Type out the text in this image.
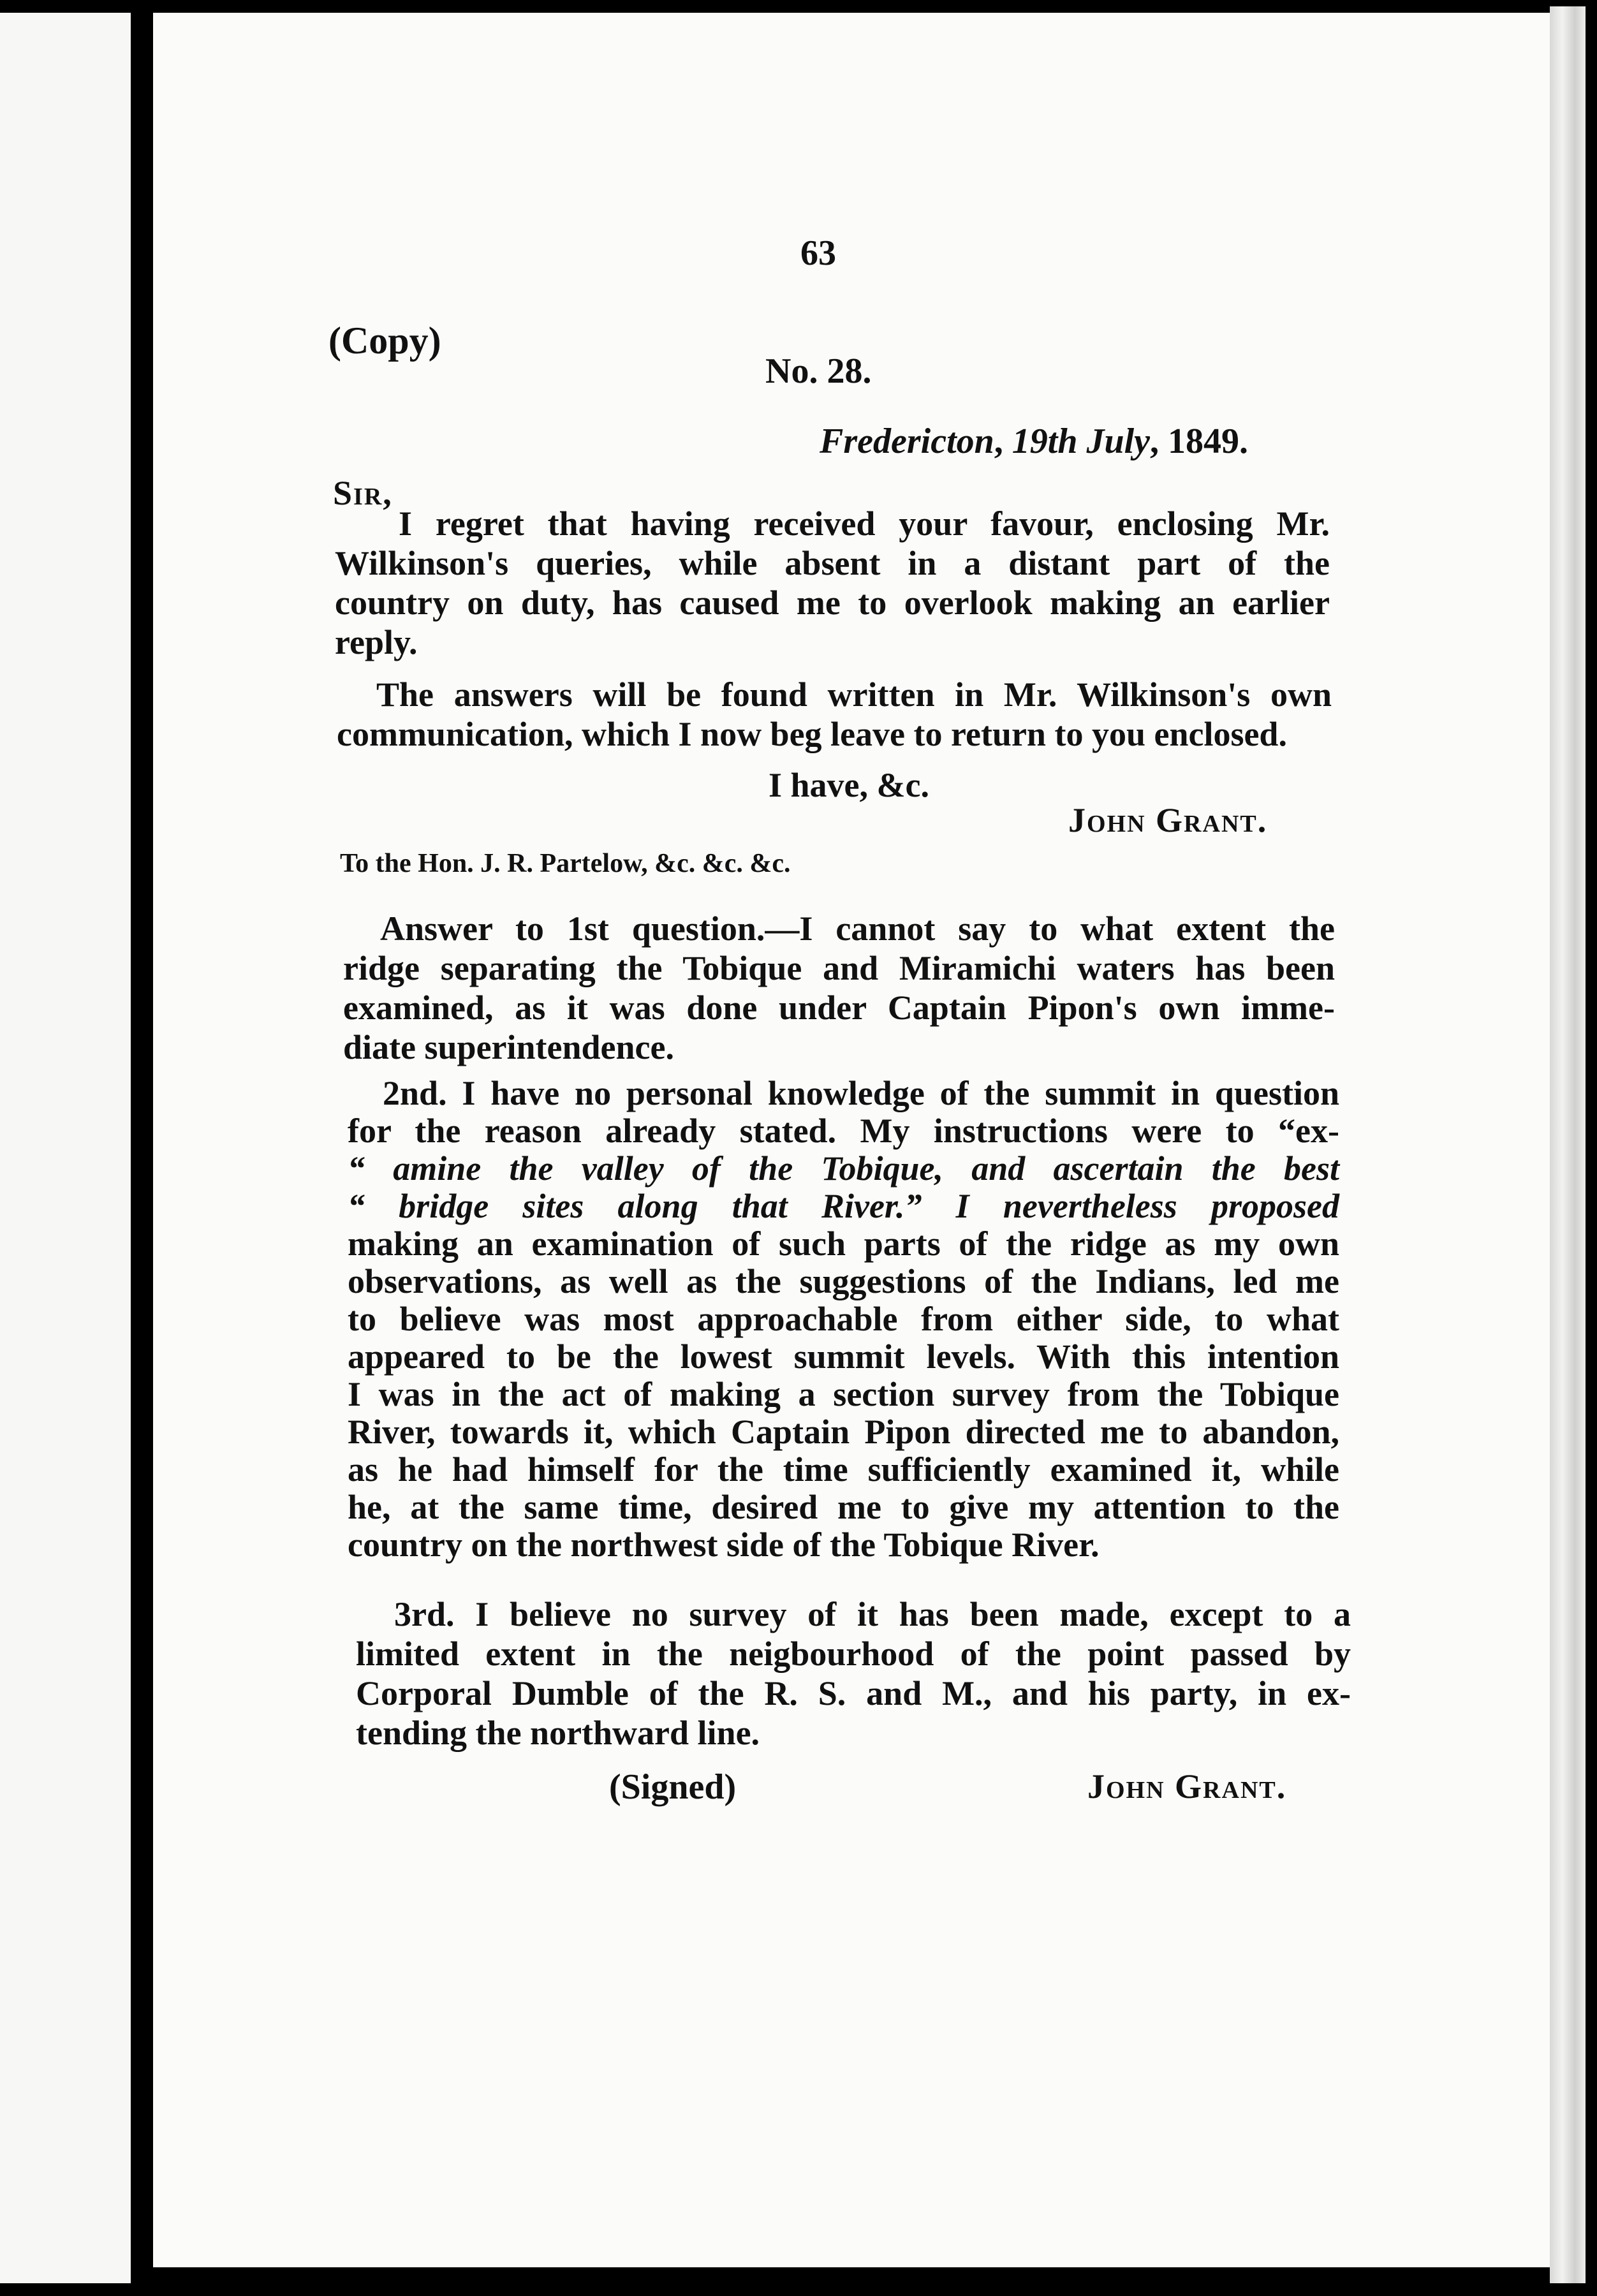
63
(Copy)
No. 28.
Fredericton, 19th July, 1849.
Sir,
I regret that having received your favour, enclosing Mr.
Wilkinson's queries, while absent in a distant part of the
country on duty, has caused me to overlook making an earlier
reply.
The answers will be found written in Mr. Wilkinson's own
communication, which I now beg leave to return to you enclosed.
I have, &c.
John Grant.
To the Hon. J. R. Partelow, &c. &c. &c.
Answer to 1st question.—I cannot say to what extent the
ridge separating the Tobique and Miramichi waters has been
examined, as it was done under Captain Pipon's own imme-
diate superintendence.
2nd. I have no personal knowledge of the summit in question
for the reason already stated. My instructions were to “ex-
“ amine the valley of the Tobique, and ascertain the best
“ bridge sites along that River.” I nevertheless proposed
making an examination of such parts of the ridge as my own
observations, as well as the suggestions of the Indians, led me
to believe was most approachable from either side, to what
appeared to be the lowest summit levels. With this intention
I was in the act of making a section survey from the Tobique
River, towards it, which Captain Pipon directed me to abandon,
as he had himself for the time sufficiently examined it, while
he, at the same time, desired me to give my attention to the
country on the northwest side of the Tobique River.
3rd. I believe no survey of it has been made, except to a
limited extent in the neigbourhood of the point passed by
Corporal Dumble of the R. S. and M., and his party, in ex-
tending the northward line.
(Signed)	John Grant.
